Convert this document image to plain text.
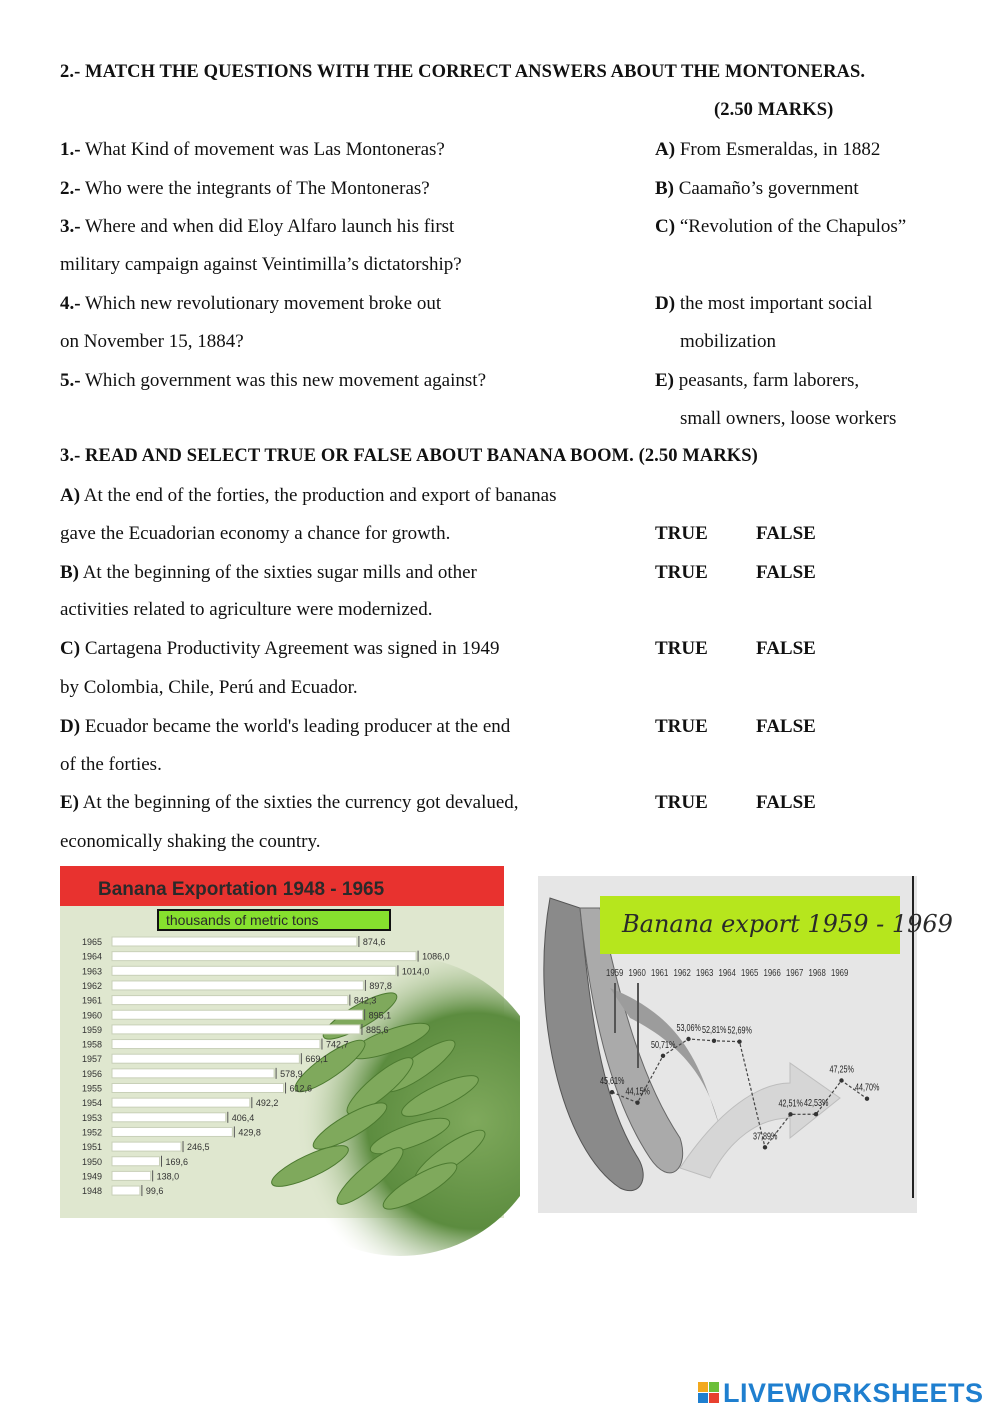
2.- MATCH THE QUESTIONS WITH THE CORRECT ANSWERS ABOUT THE MONTONERAS.
(2.50 MARKS)
1.- What Kind of movement was Las Montoneras?
2.- Who were the integrants of The Montoneras?
3.- Where and when did Eloy Alfaro launch his first
military campaign against Veintimilla’s dictatorship?
4.- Which new revolutionary movement broke out
on November 15, 1884?
5.- Which government was this new movement against?
A) From Esmeraldas, in 1882
B) Caamaño’s government
C) “Revolution of the Chapulos”
D) the most important social
mobilization
E) peasants, farm laborers,
small owners, loose workers
3.- READ AND SELECT TRUE OR FALSE ABOUT BANANA BOOM. (2.50 MARKS)
A) At the end of the forties, the production and export of bananas
gave the Ecuadorian economy a chance for growth.	TRUE	FALSE
B) At the beginning of the sixties sugar mills and other
activities related to agriculture were modernized.
TRUE	FALSE
C) Cartagena Productivity Agreement was signed in 1949
by Colombia, Chile, Perú and Ecuador.
TRUE	FALSE
D) Ecuador became the world's leading producer at the end
of the forties.
TRUE	FALSE
E) At the beginning of the sixties the currency got devalued,
economically shaking the country.
TRUE	FALSE
Banana Exportation 1948 - 1965
thousands of metric tons
1965	874,6
1964	1086,0
1963	1014,0
1962	897,8
1961	842,3
1960	895,1
1959	885,6
1958	742,7
1957	669,1
1956	578,9
1955	612,6
1954	492,2
1953	406,4
1952	429,8
1951	246,5
1950	169,6
1949	138,0
1948	99,6
Banana export 1959 - 1969
1959 1960 1961 1962 1963 1964 1965 1966 1967 1968 1969
45,61%
44,15%
50,71%
53,06% 52,81% 52,69%
37,89%
42,51% 42,53%
47,25%
44,70%
LIVEWORKSHEETS
